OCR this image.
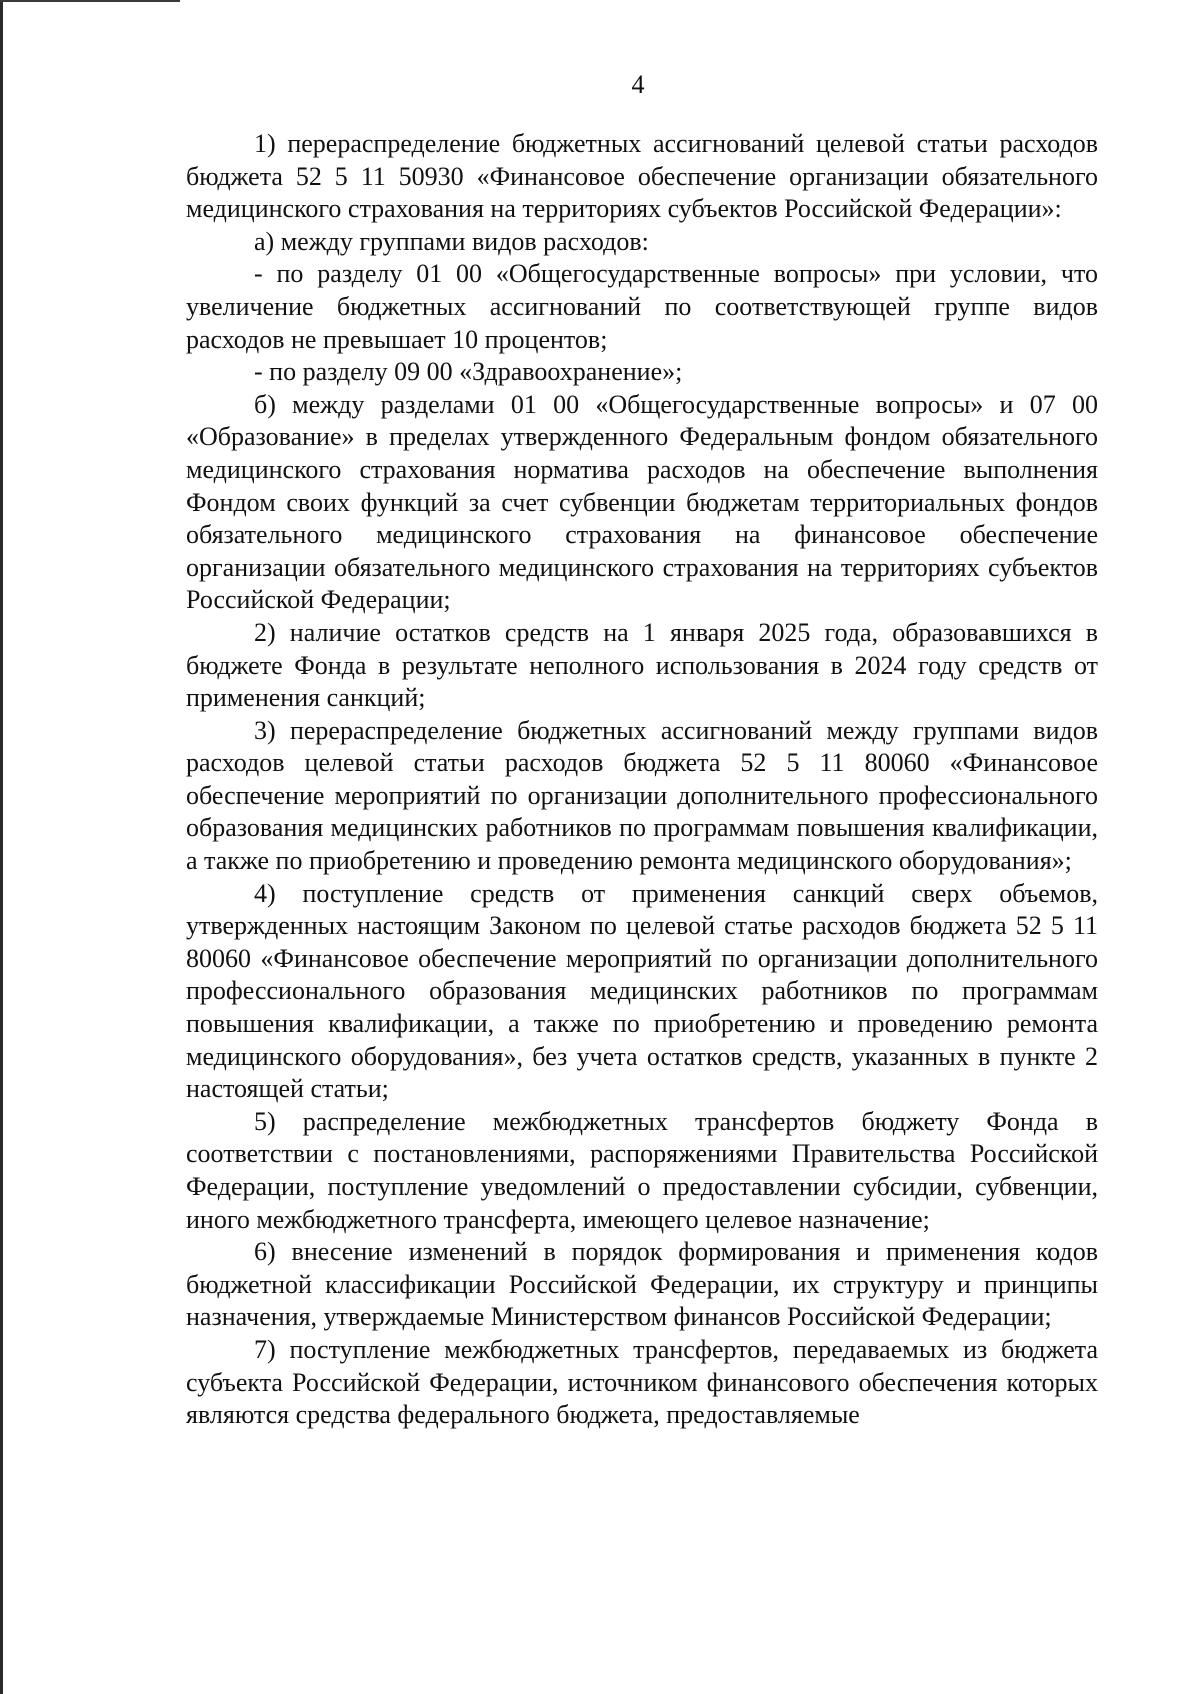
4

1) перераспределение бюджетных ассигнований целевой статьи расходов бюджета 52 5 11 50930 «Финансовое обеспечение организации обязательного медицинского страхования на территориях субъектов Российской Федерации»:

а) между группами видов расходов:

- по разделу 01 00 «Общегосударственные вопросы» при условии, что увеличение бюджетных ассигнований по соответствующей группе видов расходов не превышает 10 процентов;

- по разделу 09 00 «Здравоохранение»;

б) между разделами 01 00 «Общегосударственные вопросы» и 07 00 «Образование» в пределах утвержденного Федеральным фондом обязательного медицинского страхования норматива расходов на обеспечение выполнения Фондом своих функций за счет субвенции бюджетам территориальных фондов обязательного медицинского страхования на финансовое обеспечение организации обязательного медицинского страхования на территориях субъектов Российской Федерации;

2) наличие остатков средств на 1 января 2025 года, образовавшихся в бюджете Фонда в результате неполного использования в 2024 году средств от применения санкций;

3) перераспределение бюджетных ассигнований между группами видов расходов целевой статьи расходов бюджета 52 5 11 80060 «Финансовое обеспечение мероприятий по организации дополнительного профессионального образования медицинских работников по программам повышения квалификации, а также по приобретению и проведению ремонта медицинского оборудования»;

4) поступление средств от применения санкций сверх объемов, утвержденных настоящим Законом по целевой статье расходов бюджета 52 5 11 80060 «Финансовое обеспечение мероприятий по организации дополнительного профессионального образования медицинских работников по программам повышения квалификации, а также по приобретению и проведению ремонта медицинского оборудования», без учета остатков средств, указанных в пункте 2 настоящей статьи;

5) распределение межбюджетных трансфертов бюджету Фонда в соответствии с постановлениями, распоряжениями Правительства Российской Федерации, поступление уведомлений о предоставлении субсидии, субвенции, иного межбюджетного трансферта, имеющего целевое назначение;

6) внесение изменений в порядок формирования и применения кодов бюджетной классификации Российской Федерации, их структуру и принципы назначения, утверждаемые Министерством финансов Российской Федерации;

7) поступление межбюджетных трансфертов, передаваемых из бюджета субъекта Российской Федерации, источником финансового обеспечения которых являются средства федерального бюджета, предоставляемые
